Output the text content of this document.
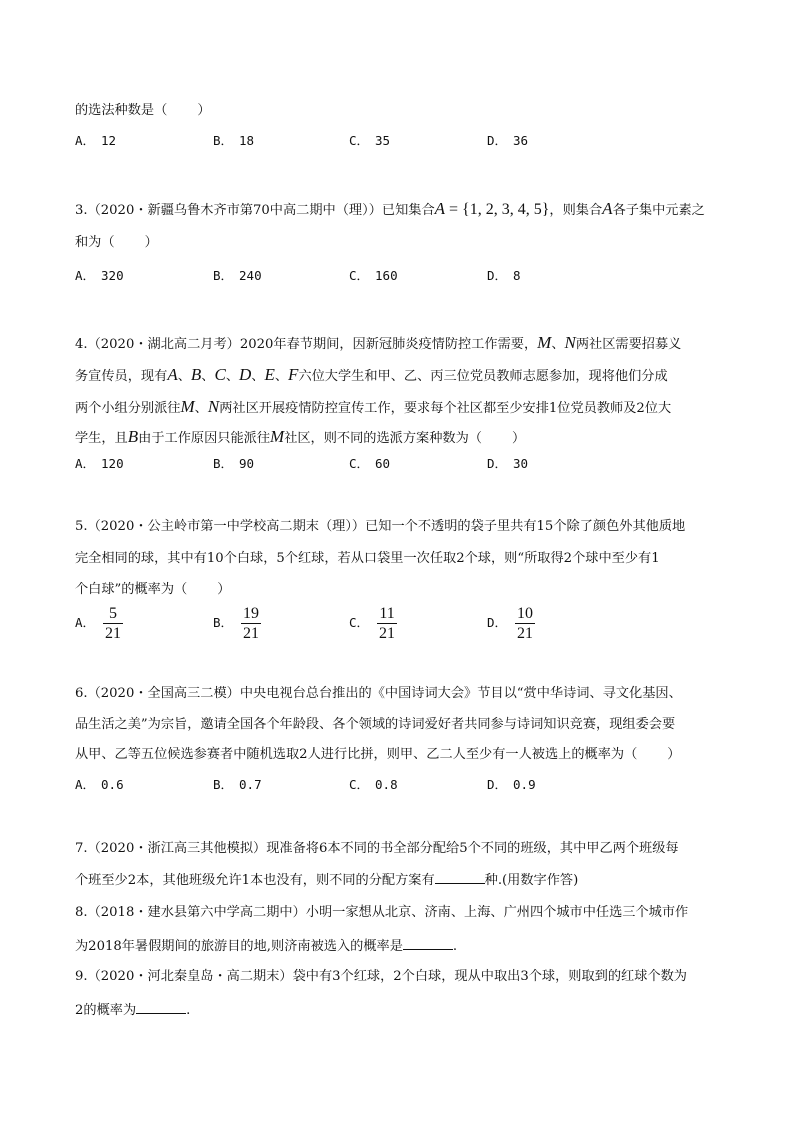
的选法种数是（ ）
A． 12	B． 18	C． 35	D． 36
3.（2020・新疆乌鲁木齐市第70中高二期中（理））已知集合A = {1, 2, 3, 4, 5}，则集合A各子集中元素之
和为（ ）
A． 320	B． 240	C． 160	D． 8
4.（2020・湖北高二月考）2020年春节期间，因新冠肺炎疫情防控工作需要，M、N两社区需要招募义
务宣传员，现有A、B、C、D、E、F六位大学生和甲、乙、丙三位党员教师志愿参加，现将他们分成
两个小组分别派往M、N两社区开展疫情防控宣传工作，要求每个社区都至少安排1位党员教师及2位大
学生，且B由于工作原因只能派往M社区，则不同的选派方案种数为（ ）
A． 120	B． 90	C． 60	D． 30
5.（2020・公主岭市第一中学校高二期末（理））已知一个不透明的袋子里共有15个除了颜色外其他质地
完全相同的球，其中有10个白球，5个红球，若从口袋里一次任取2个球，则“所取得2个球中至少有1
个白球”的概率为（ ）
A． $\frac{5}{21}$	B． $\frac{19}{21}$	C． $\frac{11}{21}$	D． $\frac{10}{21}$
6.（2020・全国高三二模）中央电视台总台推出的《中国诗词大会》节目以“赏中华诗词、寻文化基因、
品生活之美”为宗旨，邀请全国各个年龄段、各个领域的诗词爱好者共同参与诗词知识竞赛，现组委会要
从甲、乙等五位候选参赛者中随机选取2人进行比拼，则甲、乙二人至少有一人被选上的概率为（ ）
A． 0.6	B． 0.7	C． 0.8	D． 0.9
7.（2020・浙江高三其他模拟）现准备将6本不同的书全部分配给5个不同的班级，其中甲乙两个班级每
个班至少2本，其他班级允许1本也没有，则不同的分配方案有	种.(用数字作答)
8.（2018・建水县第六中学高二期中）小明一家想从北京、济南、上海、广州四个城市中任选三个城市作
为2018年暑假期间的旅游目的地,则济南被选入的概率是	.
9.（2020・河北秦皇岛・高二期末）袋中有3个红球，2个白球，现从中取出3个球，则取到的红球个数为
2的概率为	.
